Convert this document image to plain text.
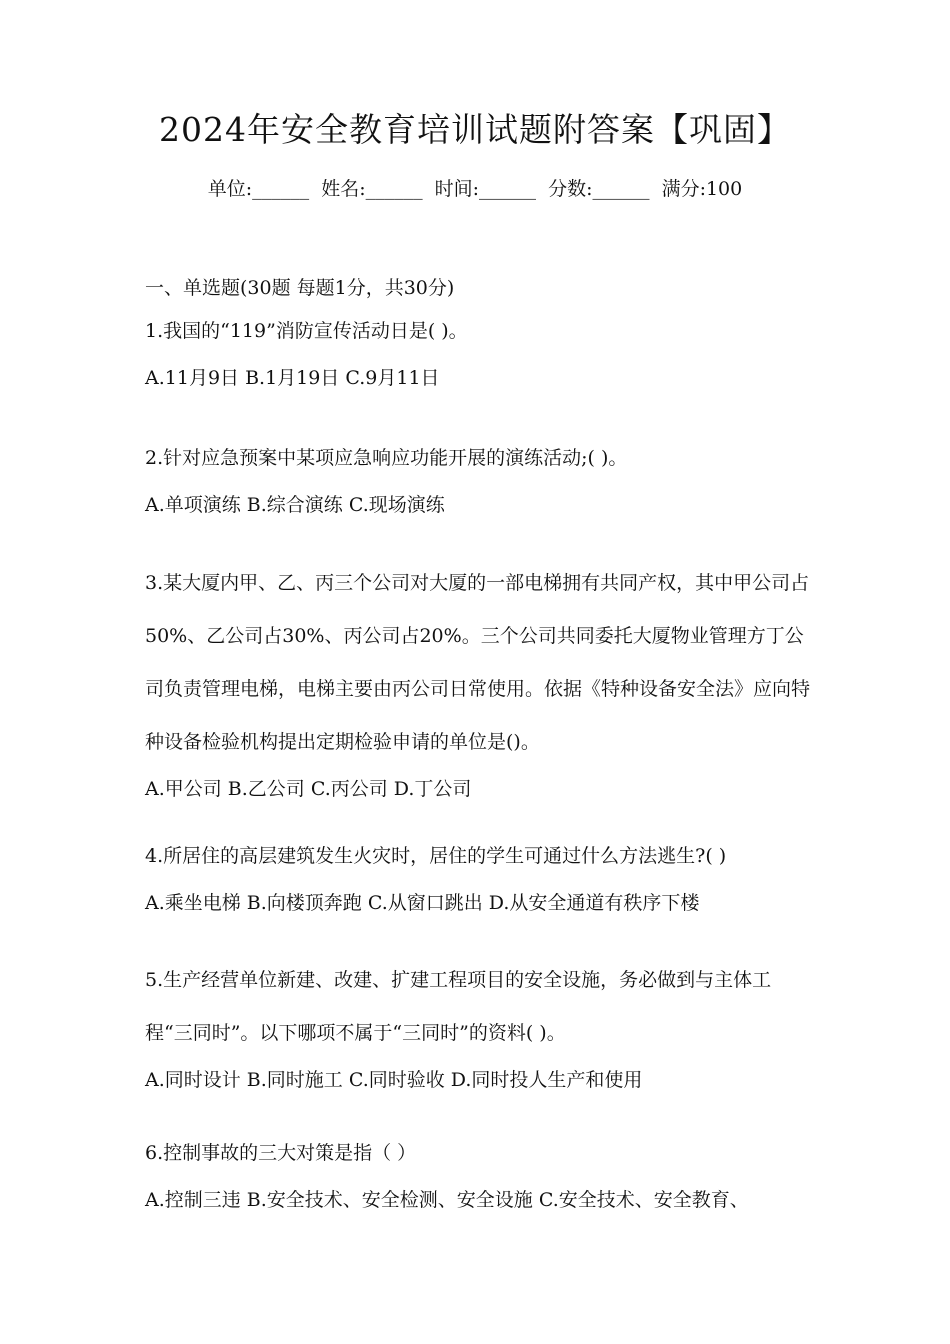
2024年安全教育培训试题附答案【巩固】
单位:______ 姓名:______ 时间:______ 分数:______ 满分:100
一、单选题(30题 每题1分，共30分)
1.我国的“119”消防宣传活动日是( )。
A.11月9日 B.1月19日 C.9月11日
2.针对应急预案中某项应急响应功能开展的演练活动;( )。
A.单项演练 B.综合演练 C.现场演练
3.某大厦内甲、乙、丙三个公司对大厦的一部电梯拥有共同产权，其中甲公司占50%、乙公司占30%、丙公司占20%。三个公司共同委托大厦物业管理方丁公司负责管理电梯，电梯主要由丙公司日常使用。依据《特种设备安全法》应向特种设备检验机构提出定期检验申请的单位是()。
A.甲公司 B.乙公司 C.丙公司 D.丁公司
4.所居住的高层建筑发生火灾时，居住的学生可通过什么方法逃生?( )
A.乘坐电梯 B.向楼顶奔跑 C.从窗口跳出 D.从安全通道有秩序下楼
5.生产经营单位新建、改建、扩建工程项目的安全设施，务必做到与主体工程“三同时”。以下哪项不属于“三同时”的资料( )。
A.同时设计 B.同时施工 C.同时验收 D.同时投人生产和使用
6.控制事故的三大对策是指（ ）
A.控制三违 B.安全技术、安全检测、安全设施 C.安全技术、安全教育、
